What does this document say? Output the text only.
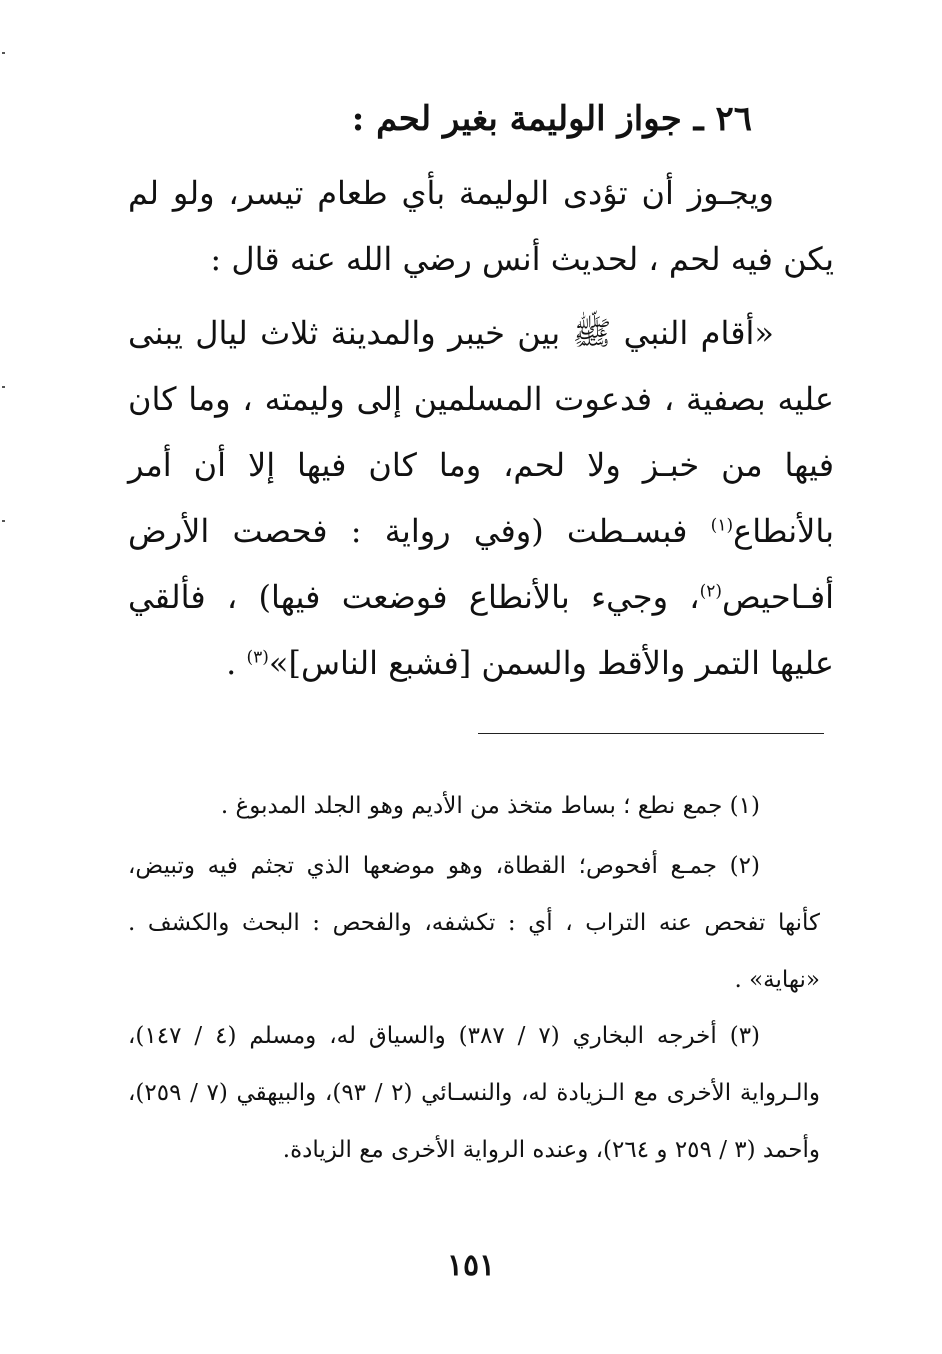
٢٦ ـ جواز الوليمة بغير لحم :
ويجـوز أن تؤدى الوليمة بأي طعام تيسر، ولو لم يكن فيه لحم ، لحديث أنس رضي الله عنه قال :
«أقام النبي ﷺ بين خيبر والمدينة ثلاث ليال يبنى عليه بصفية ، فدعوت المسلمين إلى وليمته ، وما كان فيها من خبـز ولا لحم، وما كان فيها إلا أن أمر بالأنطاع$^{(١)}$ فبسـطت (وفي رواية : فحصت الأرض أفـاحيص$^{(٢)}$، وجيء بالأنطاع فوضعت فيها) ، فألقي عليها التمر والأقط والسمن [فشبع الناس]»$^{(٣)}$ .
(١) جمع نطع ؛ بساط متخذ من الأديم وهو الجلد المدبوغ .
(٢) جمـع أفحوص؛ القطاة، وهو موضعها الذي تجثم فيه وتبيض، كأنها تفحص عنه التراب ، أي : تكشفه، والفحص : البحث والكشف . «نهاية» .
(٣) أخرجه البخاري (٧ / ٣٨٧) والسياق له، ومسلم (٤ / ١٤٧)، والـرواية الأخرى مع الـزيادة له، والنسـائي (٢ / ٩٣)، والبيهقي (٧ / ٢٥٩)، وأحمد (٣ / ٢٥٩ و ٢٦٤)، وعنده الرواية الأخرى مع الزيادة.
١٥١
